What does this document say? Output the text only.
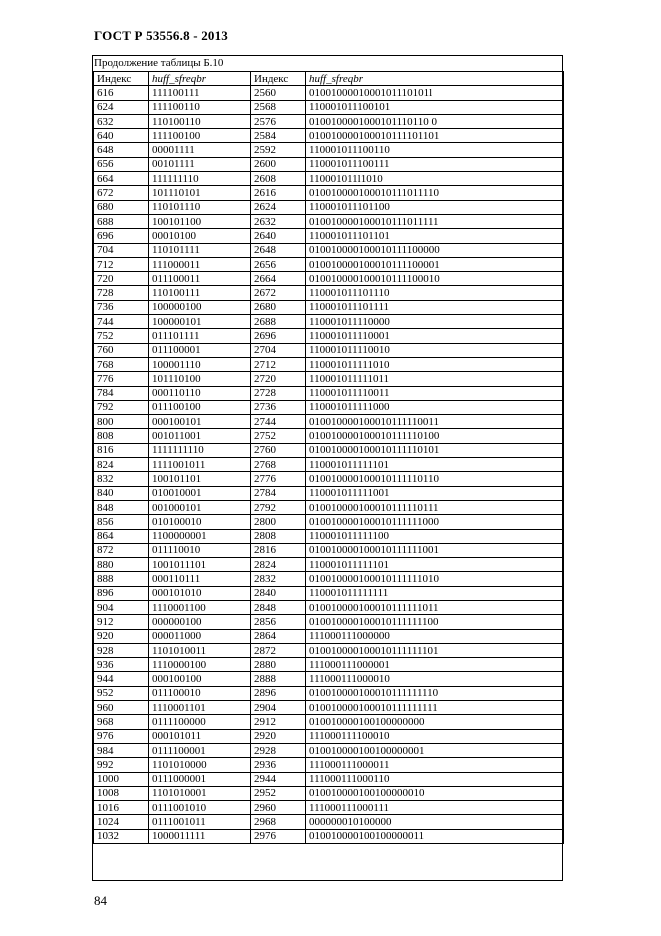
ГОСТ Р 53556.8 - 2013
Продолжение таблицы Б.10
Индекс	huff_sfreqbr	Индекс	huff_sfreqbr
616	111100111	2560	0100100001000101110101l
624	111100110	2568	110001011100101
632	110100110	2576	0100100001000101110110 0
640	111100100	2584	010010000100010111101101
648	00001111	2592	110001011100110
656	00101111	2600	110001011100111
664	111111110	2608	110001011l1010
672	101110101	2616	010010000100010111011110
680	110101110	2624	110001011101100
688	100101100	2632	010010000100010111011111
696	00010100	2640	110001011101101
704	110101111	2648	010010000100010111100000
712	111000011	2656	010010000100010111100001
720	011100011	2664	010010000100010111100010
728	110100111	2672	110001011101110
736	100000100	2680	110001011101111
744	100000101	2688	110001011110000
752	011101111	2696	110001011110001
760	011100001	2704	110001011110010
768	100001110	2712	110001011111010
776	101110100	2720	110001011111011
784	000110110	2728	110001011110011
792	011100100	2736	110001011111000
800	000100101	2744	010010000100010111110011
808	001011001	2752	010010000100010111110100
816	1111111110	2760	010010000100010111110101
824	1111001011	2768	110001011111101
832	100101101	2776	010010000100010111110110
840	010010001	2784	110001011111001
848	001000101	2792	010010000100010111110111
856	010100010	2800	010010000100010111111000
864	1100000001	2808	110001011111100
872	011110010	2816	010010000100010111111001
880	1001011101	2824	110001011111101
888	000110111	2832	010010000100010111111010
896	000101010	2840	110001011111111
904	1110001100	2848	010010000100010111111011
912	000000100	2856	010010000100010111111100
920	000011000	2864	111000111000000
928	1101010011	2872	010010000100010111111101
936	1110000100	2880	111000111000001
944	000100100	2888	111000111000010
952	011100010	2896	010010000100010111111110
960	1110001101	2904	010010000100010111111111
968	0111100000	2912	010010000100100000000
976	000101011	2920	111000111100010
984	0111100001	2928	010010000100100000001
992	1101010000	2936	111000111000011
1000	0111000001	2944	111000111000110
1008	1101010001	2952	010010000100100000010
1016	0111001010	2960	111000111000111
1024	0111001011	2968	000000010100000
1032	1000011111	2976	010010000100100000011
84
